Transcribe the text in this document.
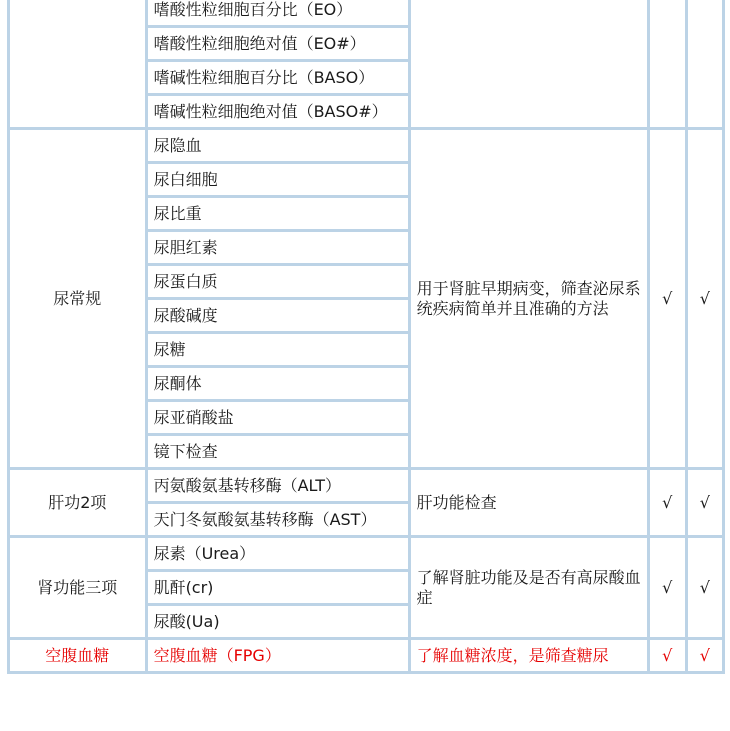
	嗜酸性粒细胞百分比（EO）			
	嗜酸性粒细胞绝对值（EO#）			
	嗜碱性粒细胞百分比（BASO）			
	嗜碱性粒细胞绝对值（BASO#）			
尿常规	尿隐血	用于肾脏早期病变，筛查泌尿系统疾病简单并且准确的方法	√	√
	尿白细胞			
	尿比重			
	尿胆红素			
	尿蛋白质			
	尿酸碱度			
	尿糖			
	尿酮体			
	尿亚硝酸盐			
	镜下检查			
肝功2项	丙氨酸氨基转移酶（ALT）	肝功能检查	√	√
	天门冬氨酸氨基转移酶（AST）			
肾功能三项	尿素（Urea）	了解肾脏功能及是否有高尿酸血症	√	√
	肌酐(cr)			
	尿酸(Ua)			
空腹血糖	空腹血糖（FPG）	了解血糖浓度，是筛查糖尿	√	√
